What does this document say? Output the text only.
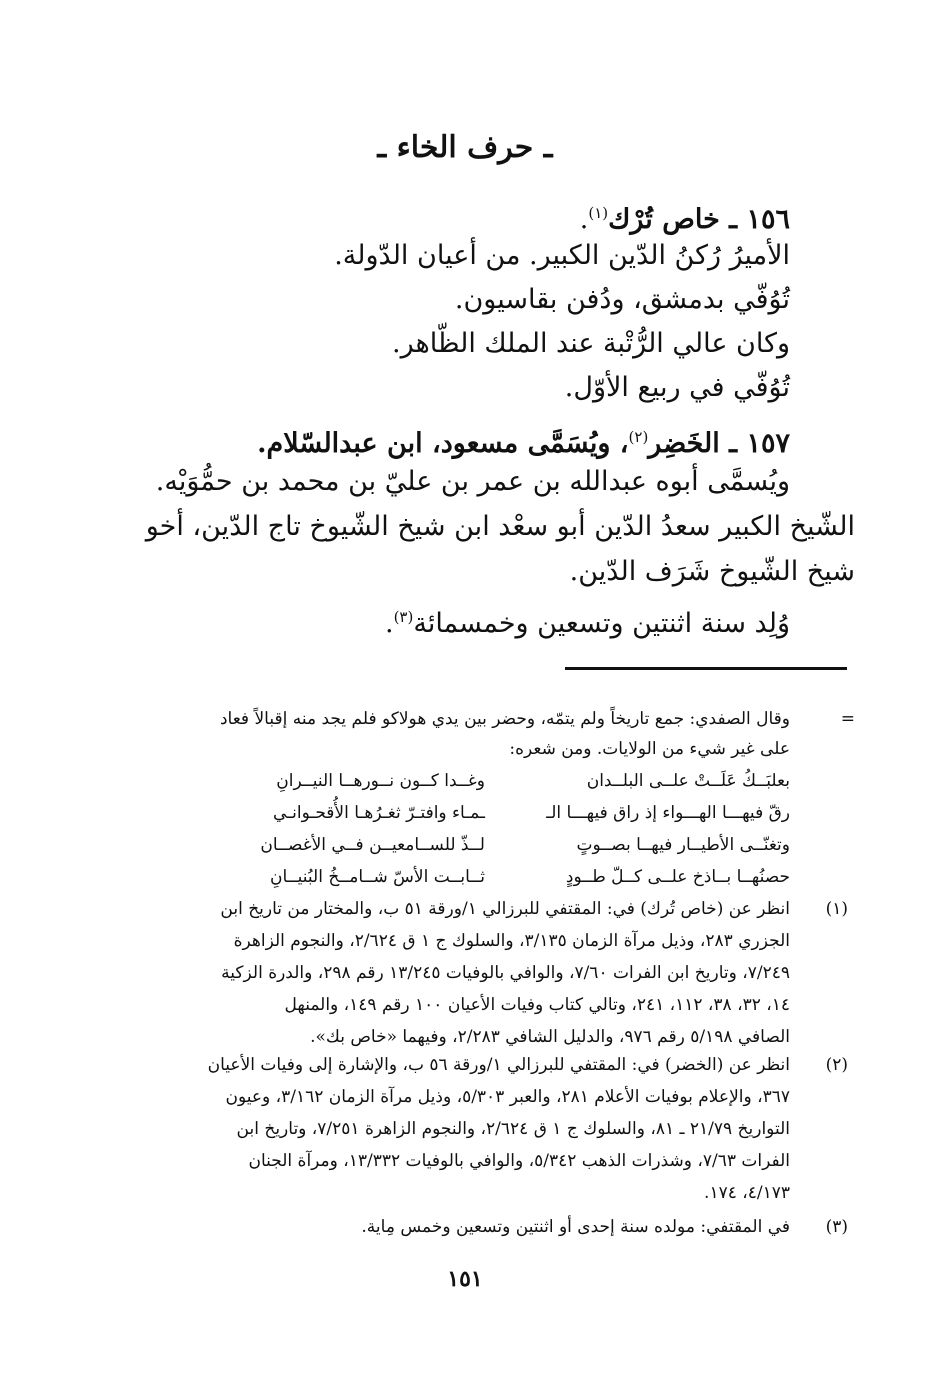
ـ حرف الخاء ـ
١٥٦ ـ خاص تُرْك$^{(١)}$.
الأميرُ رُكنُ الدّين الكبير. من أعيان الدّولة.
تُوُفّي بدمشق، ودُفن بقاسيون.
وكان عالي الرُّتْبة عند الملك الظّاهر.
تُوُفّي في ربيع الأوّل.
١٥٧ ـ الخَضِر$^{(٢)}$، ويُسَمَّى مسعود، ابن عبدالسّلام.
ويُسمَّى أبوه عبدالله بن عمر بن عليّ بن محمد بن حمُّوَيْه.
الشّيخ الكبير سعدُ الدّين أبو سعْد ابن شيخ الشّيوخ تاج الدّين، أخو
شيخ الشّيوخ شَرَف الدّين.
وُلِد سنة اثنتين وتسعين وخمسمائة$^{(٣)}$.
=
وقال الصفدي: جمع تاريخاً ولم يتمّه، وحضر بين يدي هولاكو فلم يجد منه إقبالاً فعاد
على غير شيء من الولايات. ومن شعره:
بعلبَــكُ عَلَــتْ علــى البلــدان
وغــدا كــون نــورهــا النيــرانِ
رقّ فيهـــا الهـــواء إذ راق فيهـــا الـ
ـمـاء وافتـرّ ثغـرُهـا الأُقحـوانـي
وتغنّــى الأطيــار فيهــا بصــوتٍ
لــذّ للســامعيــن فــي الأغصــان
حصنُهــا بــاذخ علــى كــلّ طــودٍ
ثــابــت الأسّ شــامــخُ البُنيــانِ
(١)
انظر عن (خاص تُرك) في: المقتفي للبرزالي ١/ورقة ٥١ ب، والمختار من تاريخ ابن
الجزري ٢٨٣، وذيل مرآة الزمان ٣/١٣٥، والسلوك ج ١ ق ٢/٦٢٤، والنجوم الزاهرة
٧/٢٤٩، وتاريخ ابن الفرات ٧/٦٠، والوافي بالوفيات ١٣/٢٤٥ رقم ٢٩٨، والدرة الزكية
١٤، ٣٢، ٣٨، ١١٢، ٢٤١، وتالي كتاب وفيات الأعيان ١٠٠ رقم ١٤٩، والمنهل
الصافي ٥/١٩٨ رقم ٩٧٦، والدليل الشافي ٢/٢٨٣، وفيهما «خاص بك».
(٢)
انظر عن (الخضر) في: المقتفي للبرزالي ١/ورقة ٥٦ ب، والإشارة إلى وفيات الأعيان
٣٦٧، والإعلام بوفيات الأعلام ٢٨١، والعبر ٥/٣٠٣، وذيل مرآة الزمان ٣/١٦٢، وعيون
التواريخ ٢١/٧٩ ـ ٨١، والسلوك ج ١ ق ٢/٦٢٤، والنجوم الزاهرة ٧/٢٥١، وتاريخ ابن
الفرات ٧/٦٣، وشذرات الذهب ٥/٣٤٢، والوافي بالوفيات ١٣/٣٣٢، ومرآة الجنان
٤/١٧٣، ١٧٤.
(٣)
في المقتفي: مولده سنة إحدى أو اثنتين وتسعين وخمس مِاية.
١٥١
